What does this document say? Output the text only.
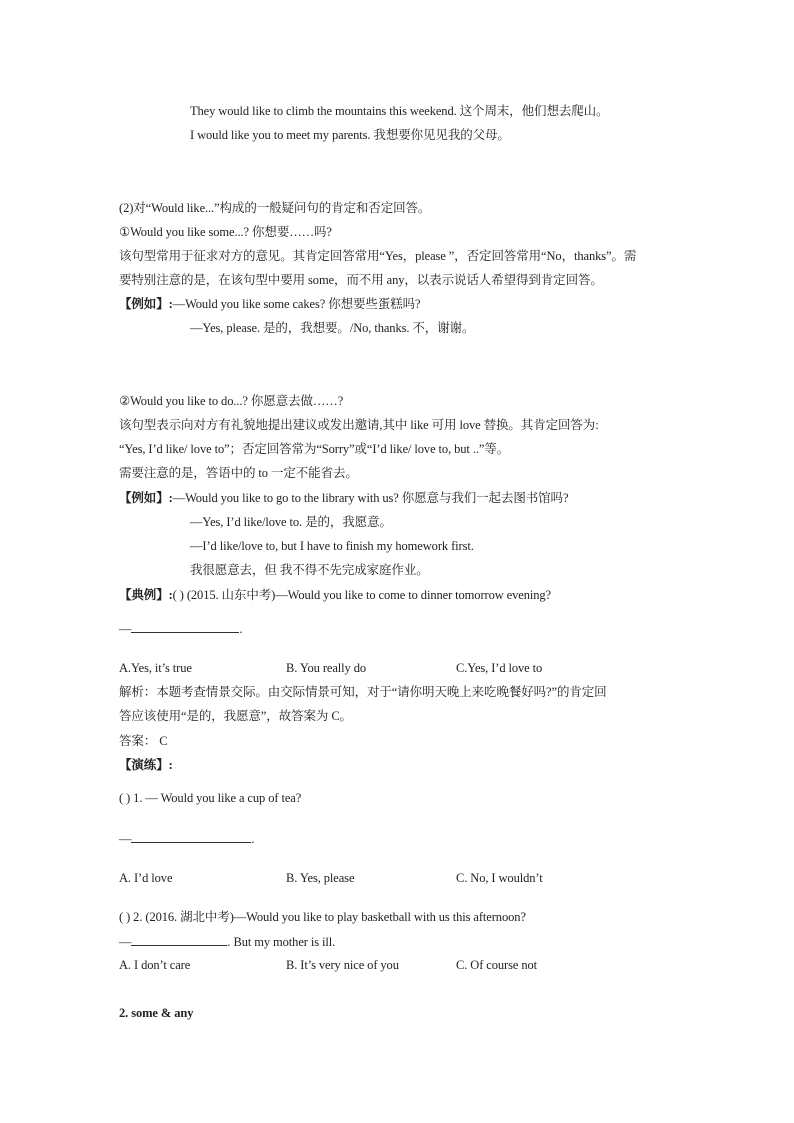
They would like to climb the mountains this weekend. 这个周末，他们想去爬山。
I would like you to meet my parents. 我想要你见见我的父母。
(2)对“Would like...”构成的一般疑问句的肯定和否定回答。
①Would you like some...? 你想要……吗?
该句型常用于征求对方的意见。其肯定回答常用“Yes，please ”，否定回答常用“No，thanks”。需
要特别注意的是，在该句型中要用 some，而不用 any，以表示说话人希望得到肯定回答。
【例如】:—Would you like some cakes? 你想要些蛋糕吗?
—Yes, please. 是的，我想要。/No, thanks. 不，谢谢。
②Would you like to do...? 你愿意去做……?
该句型表示向对方有礼貌地提出建议或发出邀请,其中 like 可用 love 替换。其肯定回答为:
“Yes, I’d like/ love to”；否定回答常为“Sorry”或“I’d like/ love to, but ..”等。
需要注意的是，答语中的 to 一定不能省去。
【例如】:—Would you like to go to the library with us? 你愿意与我们一起去图书馆吗?
—Yes, I’d like/love to. 是的，我愿意。
—I’d like/love to, but I have to finish my homework first.
我很愿意去，但 我不得不先完成家庭作业。
【典例】:( ) (2015. 山东中考)—Would you like to come to dinner tomorrow evening?
—	.
A.Yes, it’s true	B. You really do	C.Yes, I’d love to
解析：本题考查情景交际。由交际情景可知，对于“请你明天晚上来吃晚餐好吗?”的肯定回
答应该使用“是的，我愿意”，故答案为 C。
答案： C
【演练】:
( ) 1. — Would you like a cup of tea?
—	.
A. I’d love	B. Yes, please	C. No, I wouldn’t
( ) 2. (2016. 湖北中考)—Would you like to play basketball with us this afternoon?
—	. But my mother is ill.
A. I don’t care	B. It’s very nice of you	C. Of course not
2. some & any
